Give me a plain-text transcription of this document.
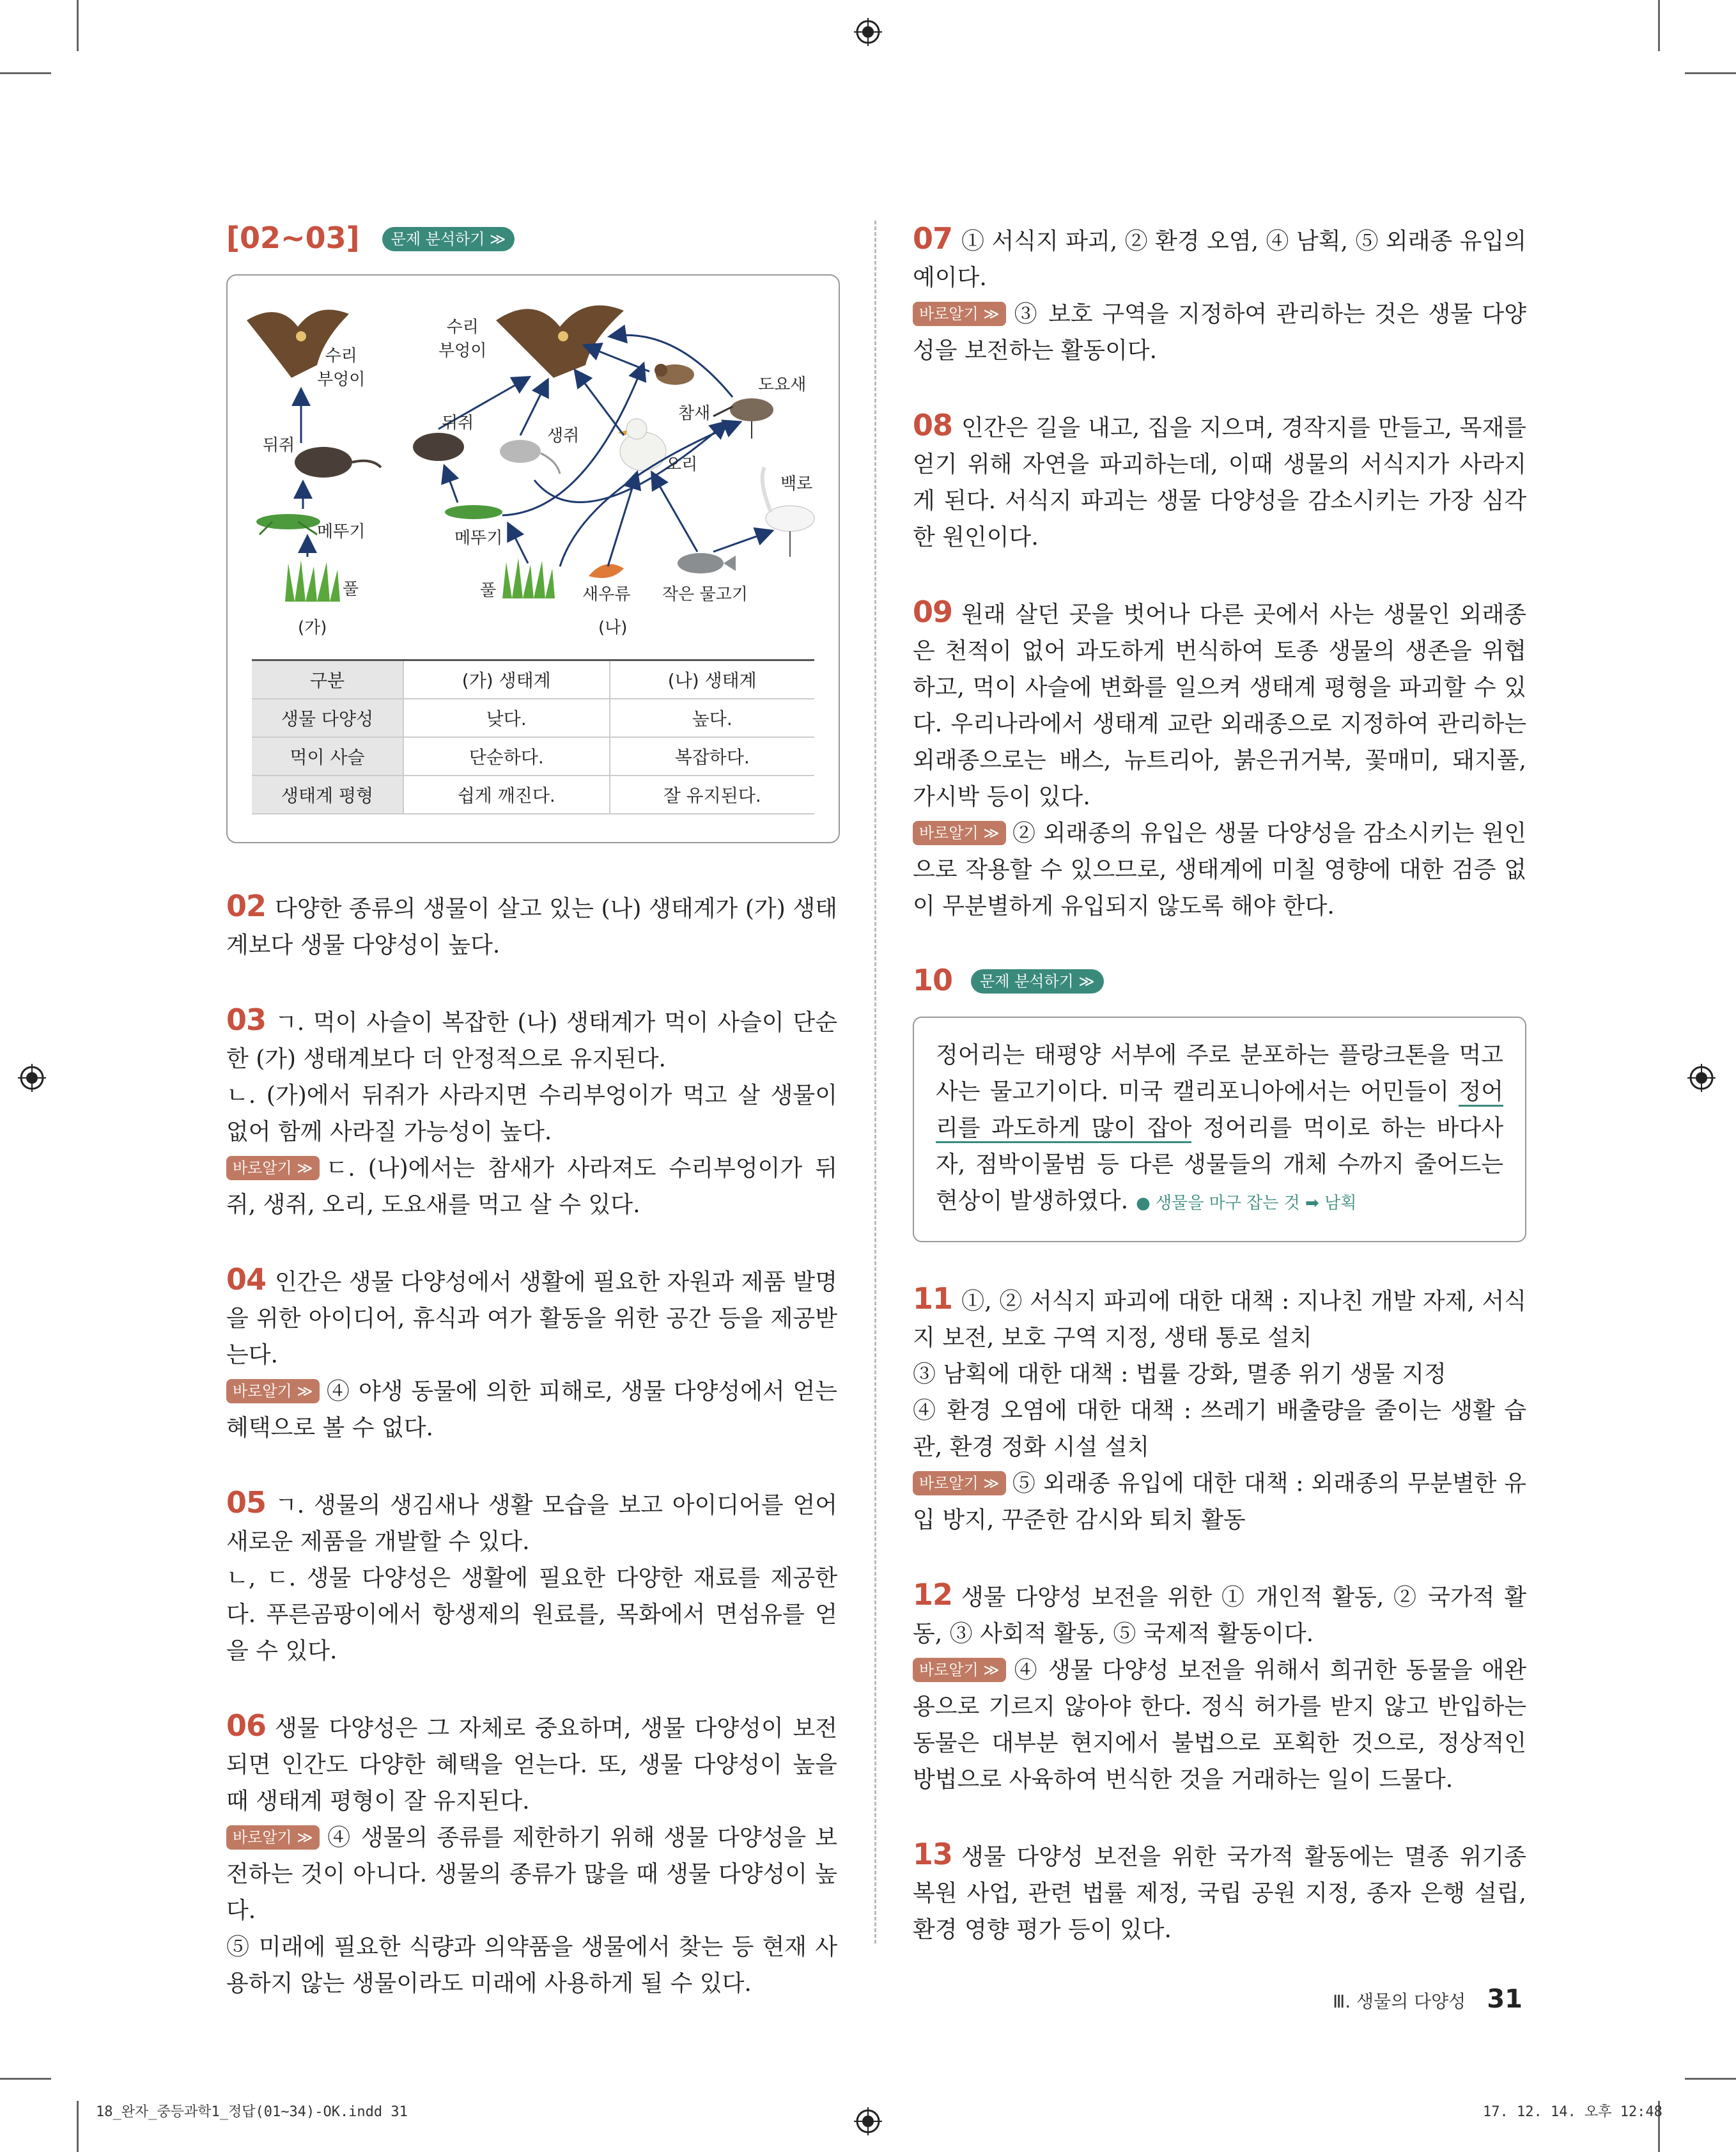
[02~03] 문제 분석하기 ≫
수리
부엉이
뒤쥐
메뚜기
풀
(가)
수리
부엉이
뒤쥐
생쥐
참새
도요새
오리
백로
메뚜기
풀	새우류 작은 물고기
(나)
구분	(가) 생태계	(나) 생태계
생물 다양성	낮다.	높다.
먹이 사슬	단순하다.	복잡하다.
생태계 평형	쉽게 깨진다.	잘 유지된다.

02 다양한 종류의 생물이 살고 있는 (나) 생태계가 (가) 생태계보다 생물 다양성이 높다.

03 ㄱ. 먹이 사슬이 복잡한 (나) 생태계가 먹이 사슬이 단순한 (가) 생태계보다 더 안정적으로 유지된다.

ㄴ. (가)에서 뒤쥐가 사라지면 수리부엉이가 먹고 살 생물이 없어 함께 사라질 가능성이 높다.

바로알기 ≫ ㄷ. (나)에서는 참새가 사라져도 수리부엉이가 뒤쥐, 생쥐, 오리, 도요새를 먹고 살 수 있다.

04 인간은 생물 다양성에서 생활에 필요한 자원과 제품 발명을 위한 아이디어, 휴식과 여가 활동을 위한 공간 등을 제공받는다.

바로알기 ≫ ④ 야생 동물에 의한 피해로, 생물 다양성에서 얻는 혜택으로 볼 수 없다.

05 ㄱ. 생물의 생김새나 생활 모습을 보고 아이디어를 얻어 새로운 제품을 개발할 수 있다.

ㄴ, ㄷ. 생물 다양성은 생활에 필요한 다양한 재료를 제공한다. 푸른곰팡이에서 항생제의 원료를, 목화에서 면섬유를 얻을 수 있다.

06 생물 다양성은 그 자체로 중요하며, 생물 다양성이 보전되면 인간도 다양한 혜택을 얻는다. 또, 생물 다양성이 높을 때 생태계 평형이 잘 유지된다.

바로알기 ≫ ④ 생물의 종류를 제한하기 위해 생물 다양성을 보전하는 것이 아니다. 생물의 종류가 많을 때 생물 다양성이 높다.

⑤ 미래에 필요한 식량과 의약품을 생물에서 찾는 등 현재 사용하지 않는 생물이라도 미래에 사용하게 될 수 있다.

07 ① 서식지 파괴, ② 환경 오염, ④ 남획, ⑤ 외래종 유입의 예이다.

바로알기 ≫ ③ 보호 구역을 지정하여 관리하는 것은 생물 다양성을 보전하는 활동이다.

08 인간은 길을 내고, 집을 지으며, 경작지를 만들고, 목재를 얻기 위해 자연을 파괴하는데, 이때 생물의 서식지가 사라지게 된다. 서식지 파괴는 생물 다양성을 감소시키는 가장 심각한 원인이다.

09 원래 살던 곳을 벗어나 다른 곳에서 사는 생물인 외래종은 천적이 없어 과도하게 번식하여 토종 생물의 생존을 위협하고, 먹이 사슬에 변화를 일으켜 생태계 평형을 파괴할 수 있다. 우리나라에서 생태계 교란 외래종으로 지정하여 관리하는 외래종으로는 배스, 뉴트리아, 붉은귀거북, 꽃매미, 돼지풀, 가시박 등이 있다.

바로알기 ≫ ② 외래종의 유입은 생물 다양성을 감소시키는 원인으로 작용할 수 있으므로, 생태계에 미칠 영향에 대한 검증 없이 무분별하게 유입되지 않도록 해야 한다.

10 문제 분석하기 ≫
정어리는 태평양 서부에 주로 분포하는 플랑크톤을 먹고 사는 물고기이다. 미국 캘리포니아에서는 어민들이 정어리를 과도하게 많이 잡아 정어리를 먹이로 하는 바다사자, 점박이물범 등 다른 생물들의 개체 수까지 줄어드는 현상이 발생하였다. ● 생물을 마구 잡는 것 ➡ 남획

11 ①, ② 서식지 파괴에 대한 대책 : 지나친 개발 자제, 서식지 보전, 보호 구역 지정, 생태 통로 설치

③ 남획에 대한 대책 : 법률 강화, 멸종 위기 생물 지정

④ 환경 오염에 대한 대책 : 쓰레기 배출량을 줄이는 생활 습관, 환경 정화 시설 설치

바로알기 ≫ ⑤ 외래종 유입에 대한 대책 : 외래종의 무분별한 유입 방지, 꾸준한 감시와 퇴치 활동

12 생물 다양성 보전을 위한 ① 개인적 활동, ② 국가적 활동, ③ 사회적 활동, ⑤ 국제적 활동이다.

바로알기 ≫ ④ 생물 다양성 보전을 위해서 희귀한 동물을 애완용으로 기르지 않아야 한다. 정식 허가를 받지 않고 반입하는 동물은 대부분 현지에서 불법으로 포획한 것으로, 정상적인 방법으로 사육하여 번식한 것을 거래하는 일이 드물다.

13 생물 다양성 보전을 위한 국가적 활동에는 멸종 위기종 복원 사업, 관련 법률 제정, 국립 공원 지정, 종자 은행 설립, 환경 영향 평가 등이 있다.

Ⅲ. 생물의 다양성 31
18_완자_중등과학1_정답(01~34)-OK.indd 31	17. 12. 14. 오후 12:48
